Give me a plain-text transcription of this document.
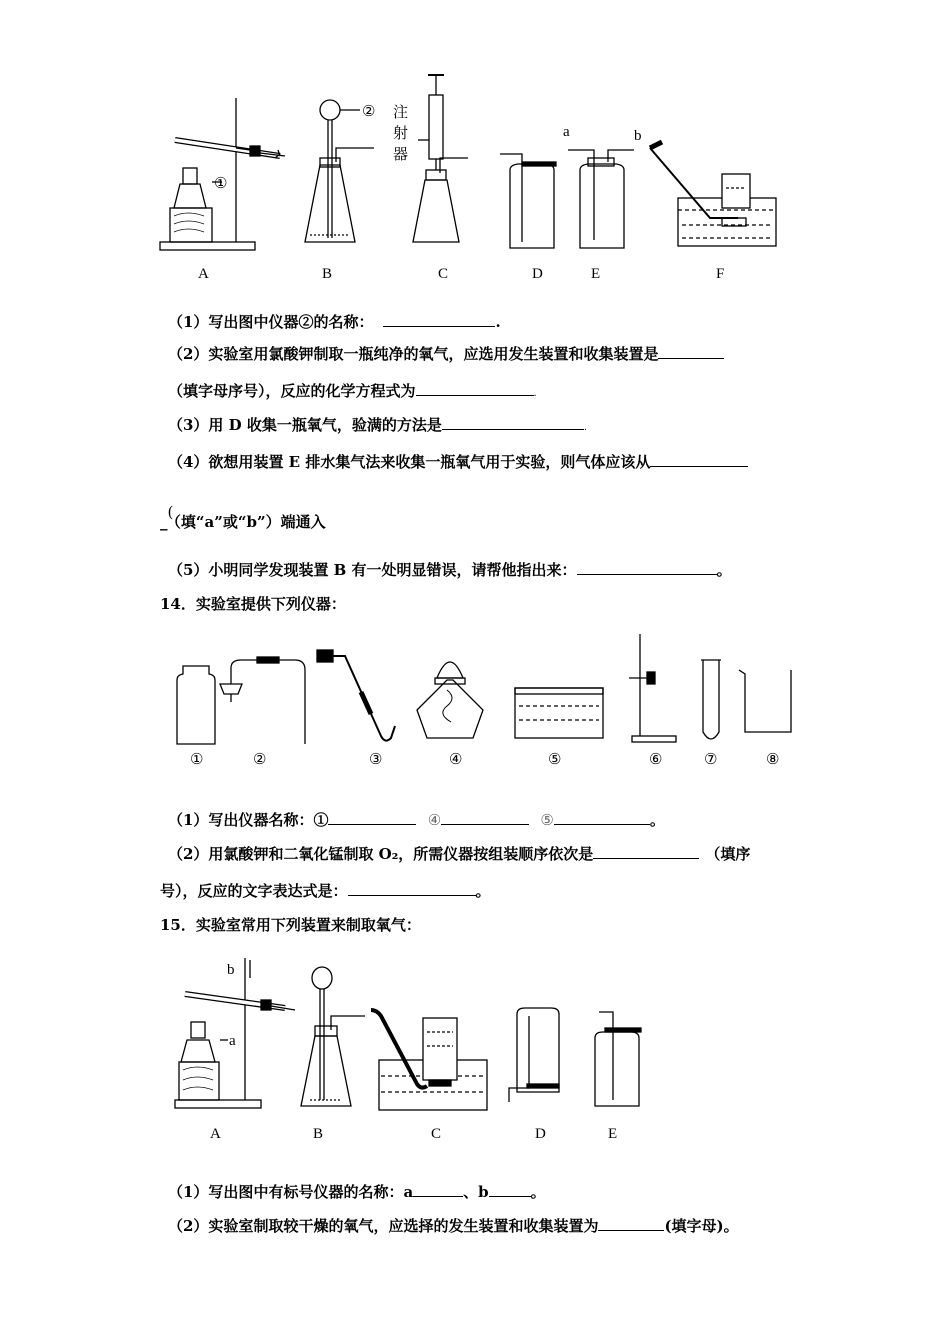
①
② 注
射
器
a	b
A	B	C	D	E	F
（1）写出图中仪器②的名称：	.
（2）实验室用氯酸钾制取一瓶纯净的氧气，应选用发生装置和收集装置是
（填字母序号），反应的化学方程式为	.
（3）用 D 收集一瓶氧气，验满的方法是	.
（4）欲想用装置 E 排水集气法来收集一瓶氧气用于实验，则气体应该从
_(（填“a”或“b”）端通入
（5）小明同学发现装置 B 有一处明显错误，请帮他指出来：	。
14．实验室提供下列仪器：
①	②	③	④	⑤	⑥	⑦	⑧
（1）写出仪器名称：①	④	⑤	。
（2）用氯酸钾和二氧化锰制取 O₂，所需仪器按组装顺序依次是	（填序
号），反应的文字表达式是：	。
15．实验室常用下列装置来制取氧气：
a
b
A	B	C	D	E
（1）写出图中有标号仪器的名称：a	、b	。
（2）实验室制取较干燥的氧气，应选择的发生装置和收集装置为	(填字母)。
